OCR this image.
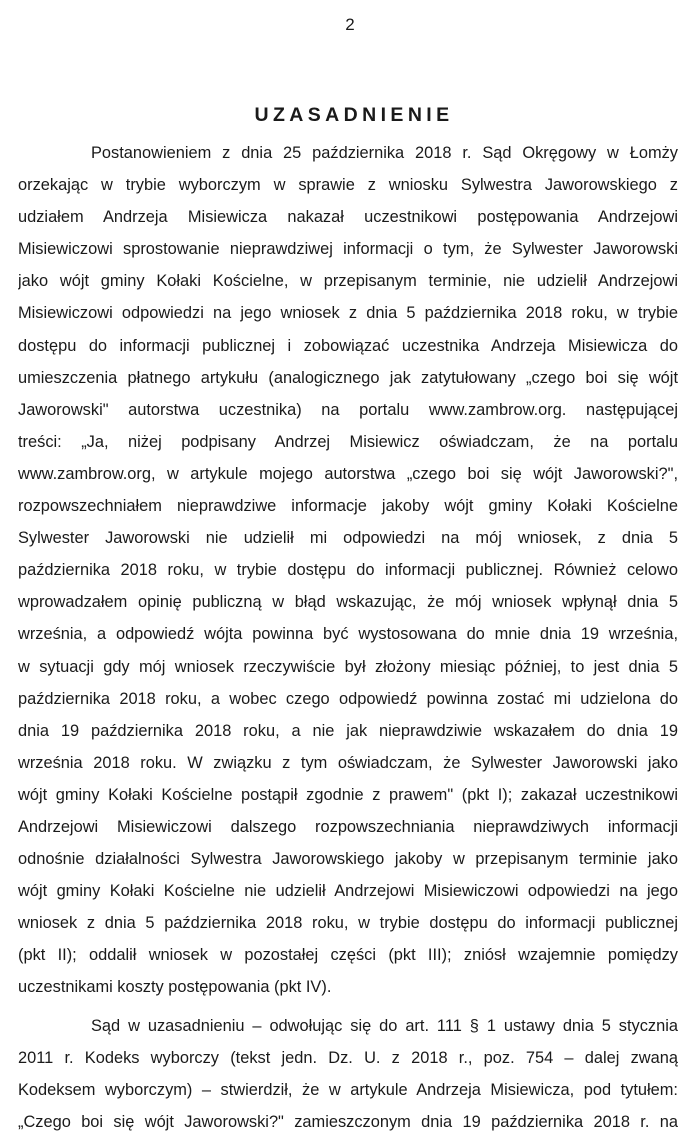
2
UZASADNIENIE
Postanowieniem z dnia 25 października 2018 r. Sąd Okręgowy w Łomży
orzekając w trybie wyborczym w sprawie z wniosku Sylwestra Jaworowskiego z
udziałem Andrzeja Misiewicza nakazał uczestnikowi postępowania Andrzejowi
Misiewiczowi sprostowanie nieprawdziwej informacji o tym, że Sylwester Jaworowski
jako wójt gminy Kołaki Kościelne, w przepisanym terminie, nie udzielił Andrzejowi
Misiewiczowi odpowiedzi na jego wniosek z dnia 5 października 2018 roku, w trybie
dostępu do informacji publicznej i zobowiązać uczestnika Andrzeja Misiewicza do
umieszczenia płatnego artykułu (analogicznego jak zatytułowany „czego boi się wójt
Jaworowski" autorstwa uczestnika) na portalu www.zambrow.org. następującej
treści: „Ja, niżej podpisany Andrzej Misiewicz oświadczam, że na portalu
www.zambrow.org, w artykule mojego autorstwa „czego boi się wójt Jaworowski?",
rozpowszechniałem nieprawdziwe informacje jakoby wójt gminy Kołaki Kościelne
Sylwester Jaworowski nie udzielił mi odpowiedzi na mój wniosek, z dnia 5
października 2018 roku, w trybie dostępu do informacji publicznej. Również celowo
wprowadzałem opinię publiczną w błąd wskazując, że mój wniosek wpłynął dnia 5
września, a odpowiedź wójta powinna być wystosowana do mnie dnia 19 września,
w sytuacji gdy mój wniosek rzeczywiście był złożony miesiąc później, to jest dnia 5
października 2018 roku, a wobec czego odpowiedź powinna zostać mi udzielona do
dnia 19 października 2018 roku, a nie jak nieprawdziwie wskazałem do dnia 19
września 2018 roku. W związku z tym oświadczam, że Sylwester Jaworowski jako
wójt gminy Kołaki Kościelne postąpił zgodnie z prawem" (pkt I); zakazał uczestnikowi
Andrzejowi Misiewiczowi dalszego rozpowszechniania nieprawdziwych informacji
odnośnie działalności Sylwestra Jaworowskiego jakoby w przepisanym terminie jako
wójt gminy Kołaki Kościelne nie udzielił Andrzejowi Misiewiczowi odpowiedzi na jego
wniosek z dnia 5 października 2018 roku, w trybie dostępu do informacji publicznej
(pkt II); oddalił wniosek w pozostałej części (pkt III); zniósł wzajemnie pomiędzy
uczestnikami koszty postępowania (pkt IV).
Sąd w uzasadnieniu – odwołując się do art. 111 § 1 ustawy dnia 5 stycznia
2011 r. Kodeks wyborczy (tekst jedn. Dz. U. z 2018 r., poz. 754 – dalej zwaną
Kodeksem wyborczym) – stwierdził, że w artykule Andrzeja Misiewicza, pod tytułem:
„Czego boi się wójt Jaworowski?" zamieszczonym dnia 19 października 2018 r. na
